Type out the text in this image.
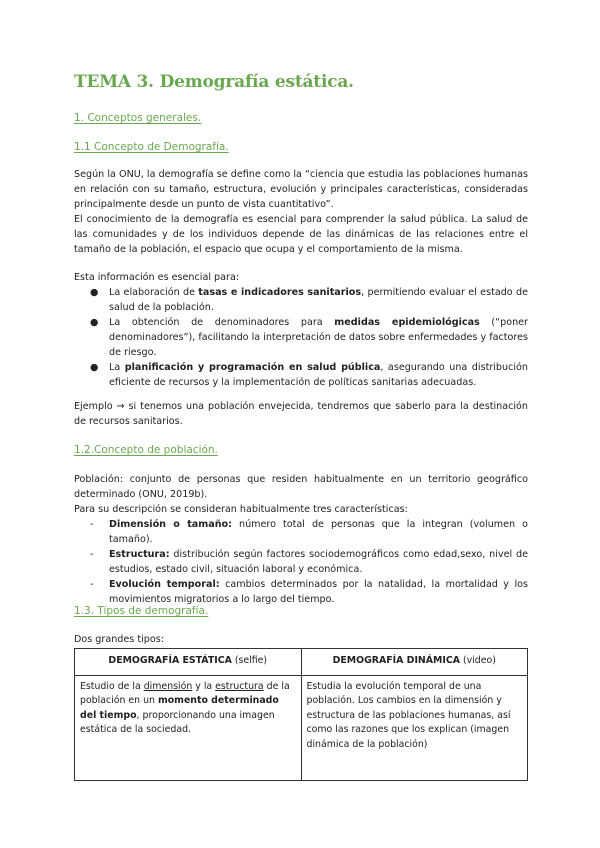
TEMA 3. Demografía estática.
1. Conceptos generales.
1.1 Concepto de Demografía.
Según la ONU, la demografía se define como la “ciencia que estudia las poblaciones humanas en relación con su tamaño, estructura, evolución y principales características, consideradas principalmente desde un punto de vista cuantitativo”.
El conocimiento de la demografía es esencial para comprender la salud pública. La salud de las comunidades y de los individuos depende de las dinámicas de las relaciones entre el tamaño de la población, el espacio que ocupa y el comportamiento de la misma.
Esta información es esencial para:
● La elaboración de tasas e indicadores sanitarios, permitiendo evaluar el estado de salud de la población.
● La obtención de denominadores para medidas epidemiológicas (“poner denominadores”), facilitando la interpretación de datos sobre enfermedades y factores de riesgo.
● La planificación y programación en salud pública, asegurando una distribución eficiente de recursos y la implementación de políticas sanitarias adecuadas.
Ejemplo → si tenemos una población envejecida, tendremos que saberlo para la destinación de recursos sanitarios.
1.2.Concepto de población.
Población: conjunto de personas que residen habitualmente en un territorio geográfico determinado (ONU, 2019b).
Para su descripción se consideran habitualmente tres características:
- Dimensión o tamaño: número total de personas que la integran (volumen o tamaño).
- Estructura: distribución según factores sociodemográficos como edad,sexo, nivel de estudios, estado civil, situación laboral y económica.
- Evolución temporal: cambios determinados por la natalidad, la mortalidad y los movimientos migratorios a lo largo del tiempo.
1.3. Tipos de demografía.
Dos grandes tipos:
DEMOGRAFÍA ESTÁTICA (selfie)	DEMOGRAFÍA DINÁMICA (video)
Estudio de la dimensión y la estructura de la población en un momento determinado del tiempo, proporcionando una imagen estática de la sociedad.	Estudia la evolución temporal de una población. Los cambios en la dimensión y estructura de las poblaciones humanas, así como las razones que los explican (imagen dinámica de la población)
